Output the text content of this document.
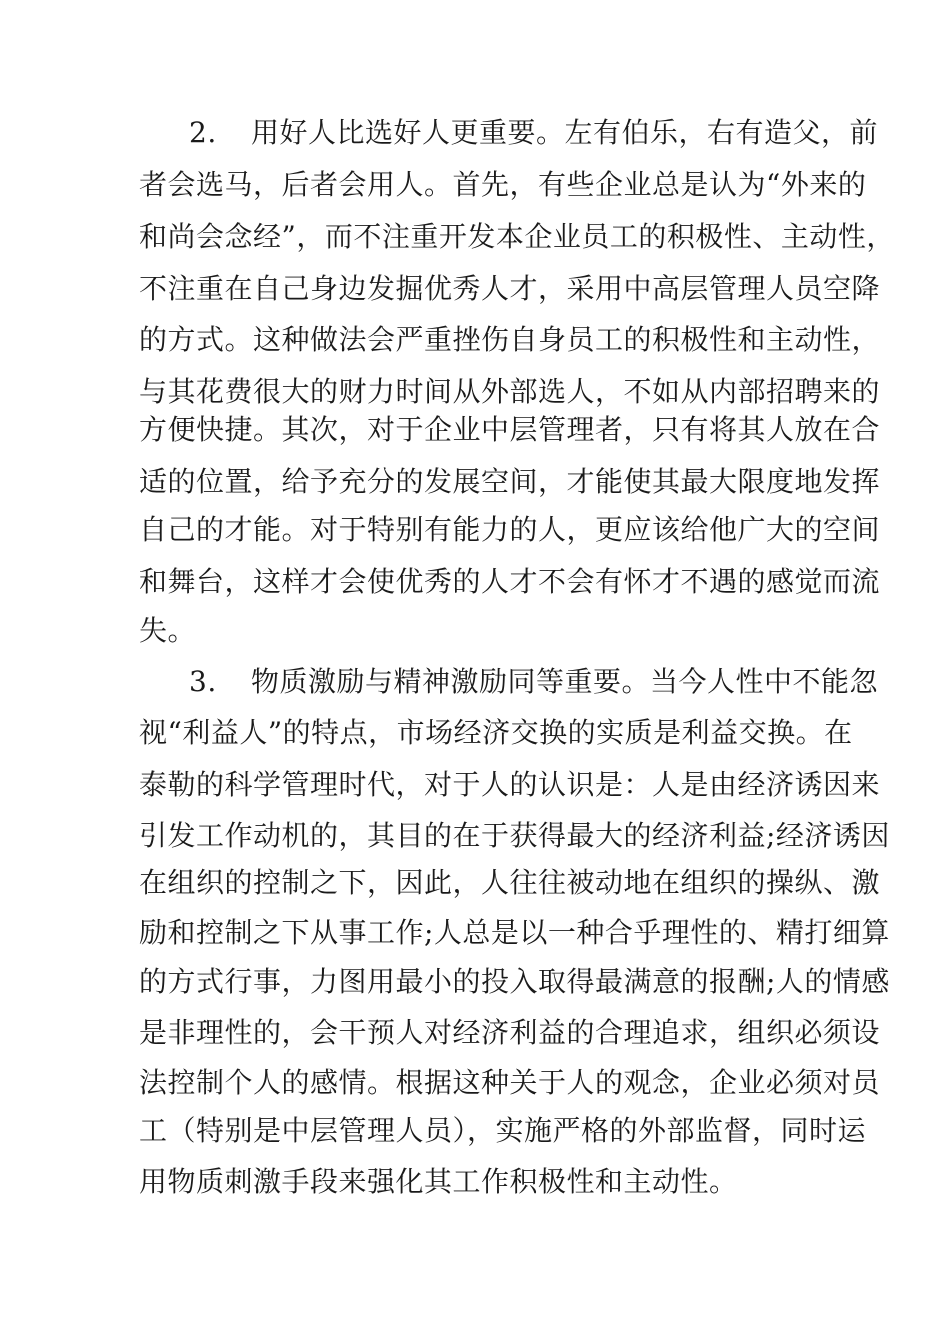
2. 用好人比选好人更重要。左有伯乐，右有造父，前
者会选马，后者会用人。首先，有些企业总是认为“外来的
和尚会念经”，而不注重开发本企业员工的积极性、主动性，
不注重在自己身边发掘优秀人才，采用中高层管理人员空降
的方式。这种做法会严重挫伤自身员工的积极性和主动性，
与其花费很大的财力时间从外部选人，不如从内部招聘来的
方便快捷。其次，对于企业中层管理者，只有将其人放在合
适的位置，给予充分的发展空间，才能使其最大限度地发挥
自己的才能。对于特别有能力的人，更应该给他广大的空间
和舞台，这样才会使优秀的人才不会有怀才不遇的感觉而流
失。
3. 物质激励与精神激励同等重要。当今人性中不能忽
视“利益人”的特点，市场经济交换的实质是利益交换。在
泰勒的科学管理时代，对于人的认识是：人是由经济诱因来
引发工作动机的，其目的在于获得最大的经济利益;经济诱因
在组织的控制之下，因此，人往往被动地在组织的操纵、激
励和控制之下从事工作;人总是以一种合乎理性的、精打细算
的方式行事，力图用最小的投入取得最满意的报酬;人的情感
是非理性的，会干预人对经济利益的合理追求，组织必须设
法控制个人的感情。根据这种关于人的观念，企业必须对员
工（特别是中层管理人员），实施严格的外部监督，同时运
用物质刺激手段来强化其工作积极性和主动性。
